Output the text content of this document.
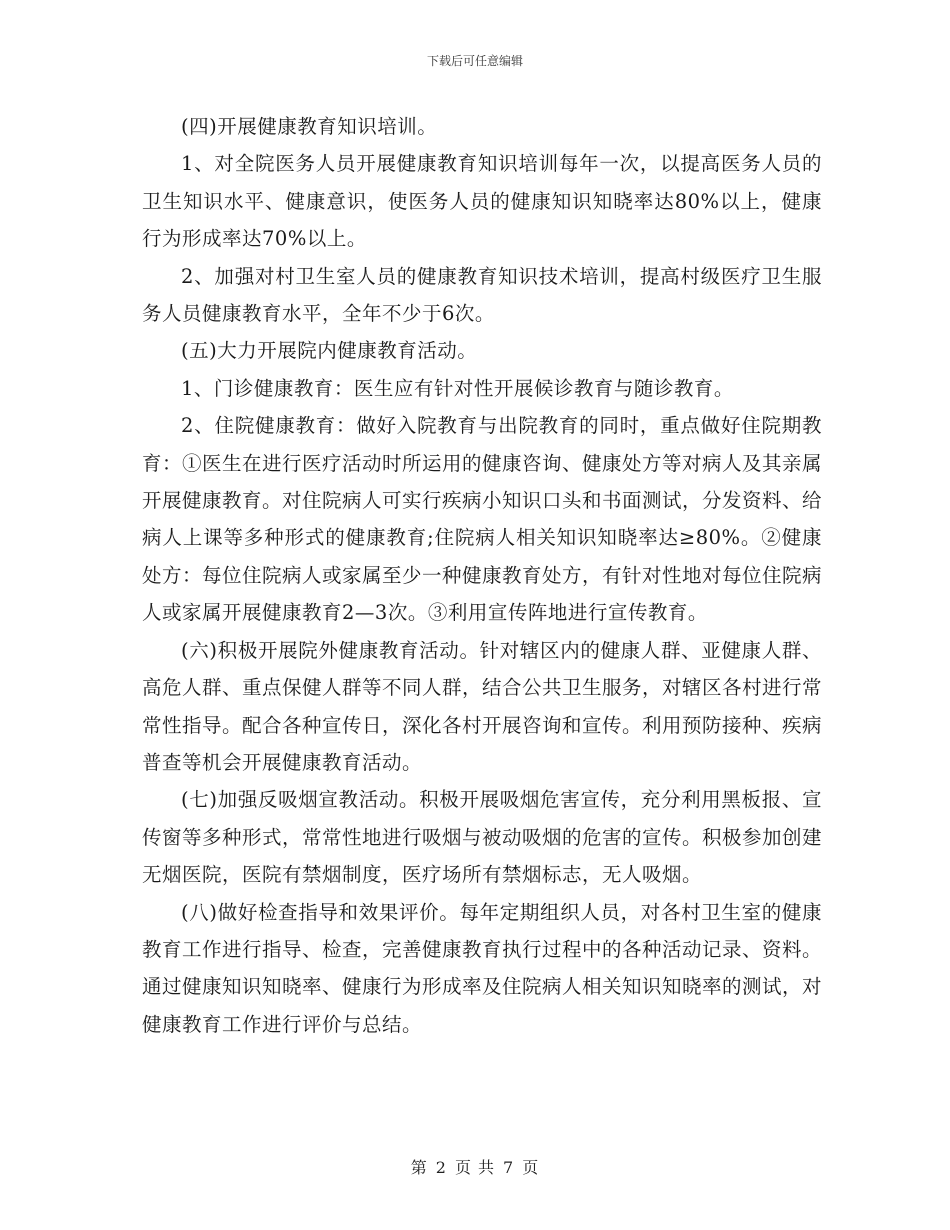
下载后可任意编辑

(四)开展健康教育知识培训。

1、对全院医务人员开展健康教育知识培训每年一次，以提高医务人员的卫生知识水平、健康意识，使医务人员的健康知识知晓率达80%以上，健康行为形成率达70%以上。

2、加强对村卫生室人员的健康教育知识技术培训，提高村级医疗卫生服务人员健康教育水平，全年不少于6次。

(五)大力开展院内健康教育活动。

1、门诊健康教育：医生应有针对性开展候诊教育与随诊教育。

2、住院健康教育：做好入院教育与出院教育的同时，重点做好住院期教育：①医生在进行医疗活动时所运用的健康咨询、健康处方等对病人及其亲属开展健康教育。对住院病人可实行疾病小知识口头和书面测试，分发资料、给病人上课等多种形式的健康教育;住院病人相关知识知晓率达≥80%。②健康处方：每位住院病人或家属至少一种健康教育处方，有针对性地对每位住院病人或家属开展健康教育2—3次。③利用宣传阵地进行宣传教育。

(六)积极开展院外健康教育活动。针对辖区内的健康人群、亚健康人群、高危人群、重点保健人群等不同人群，结合公共卫生服务，对辖区各村进行常常性指导。配合各种宣传日，深化各村开展咨询和宣传。利用预防接种、疾病普查等机会开展健康教育活动。

(七)加强反吸烟宣教活动。积极开展吸烟危害宣传，充分利用黑板报、宣传窗等多种形式，常常性地进行吸烟与被动吸烟的危害的宣传。积极参加创建无烟医院，医院有禁烟制度，医疗场所有禁烟标志，无人吸烟。

(八)做好检查指导和效果评价。每年定期组织人员，对各村卫生室的健康教育工作进行指导、检查，完善健康教育执行过程中的各种活动记录、资料。通过健康知识知晓率、健康行为形成率及住院病人相关知识知晓率的测试，对健康教育工作进行评价与总结。

第 2 页 共 7 页
